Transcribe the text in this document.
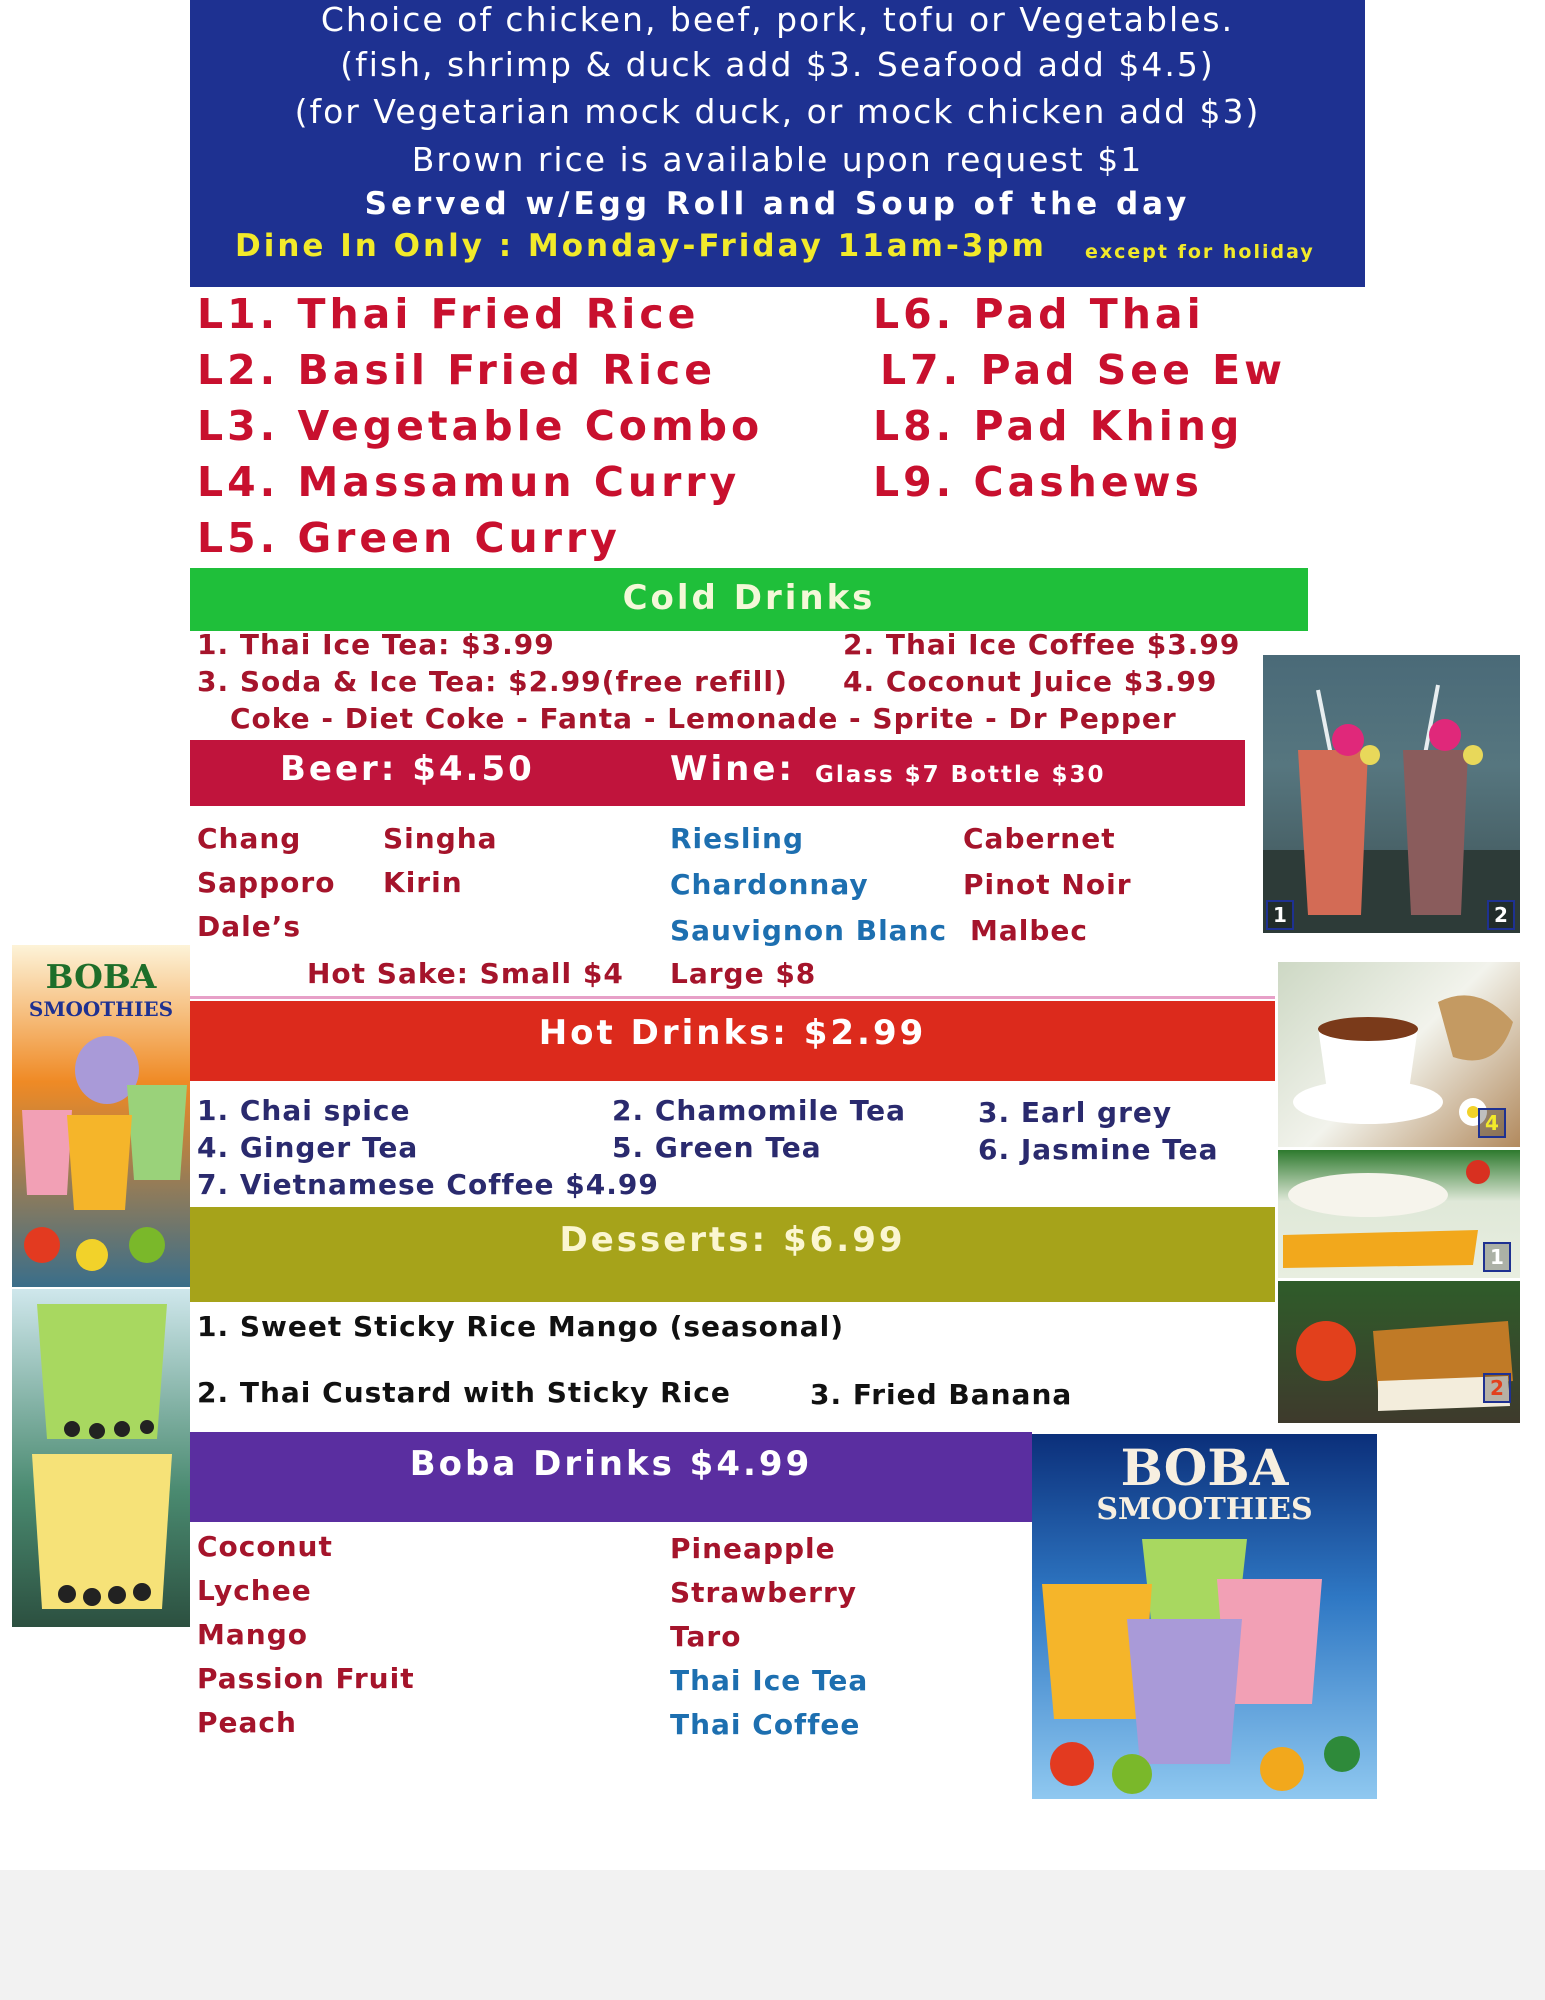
Choice of chicken, beef, pork, tofu or Vegetables.
(fish, shrimp & duck add $3. Seafood add $4.5)
(for Vegetarian mock duck, or mock chicken add $3)
Brown rice is available upon request $1
Served w/Egg Roll and Soup of the day
Dine In Only : Monday-Friday 11am-3pm except for holiday
L1. Thai Fried Rice
L2. Basil Fried Rice
L3. Vegetable Combo
L4. Massamun Curry
L5. Green Curry
L6. Pad Thai
L7. Pad See Ew
L8. Pad Khing
L9. Cashews
Cold Drinks
1. Thai Ice Tea: $3.99	2. Thai Ice Coffee $3.99
3. Soda & Ice Tea: $2.99(free refill) 4. Coconut Juice $3.99
Coke - Diet Coke - Fanta - Lemonade - Sprite - Dr Pepper
Beer: $4.50	Wine: Glass $7 Bottle $30
Chang
Sapporo
Dale’s
Singha
Kirin
Riesling
Chardonnay
Sauvignon Blanc
Cabernet
Pinot Noir
Malbec
Hot Sake: Small $4 Large $8
Hot Drinks: $2.99
1. Chai spice	2. Chamomile Tea	3. Earl grey
4. Ginger Tea	5. Green Tea	6. Jasmine Tea
7. Vietnamese Coffee $4.99
Desserts: $6.99
1. Sweet Sticky Rice Mango (seasonal)
2. Thai Custard with Sticky Rice	3. Fried Banana
Boba Drinks $4.99
Coconut
Lychee
Mango
Passion Fruit
Peach
Pineapple
Strawberry
Taro
Thai Ice Tea
Thai Coffee
1	2
4
1
2
BOBA
SMOOTHIES
BOBA
SMOOTHIES
